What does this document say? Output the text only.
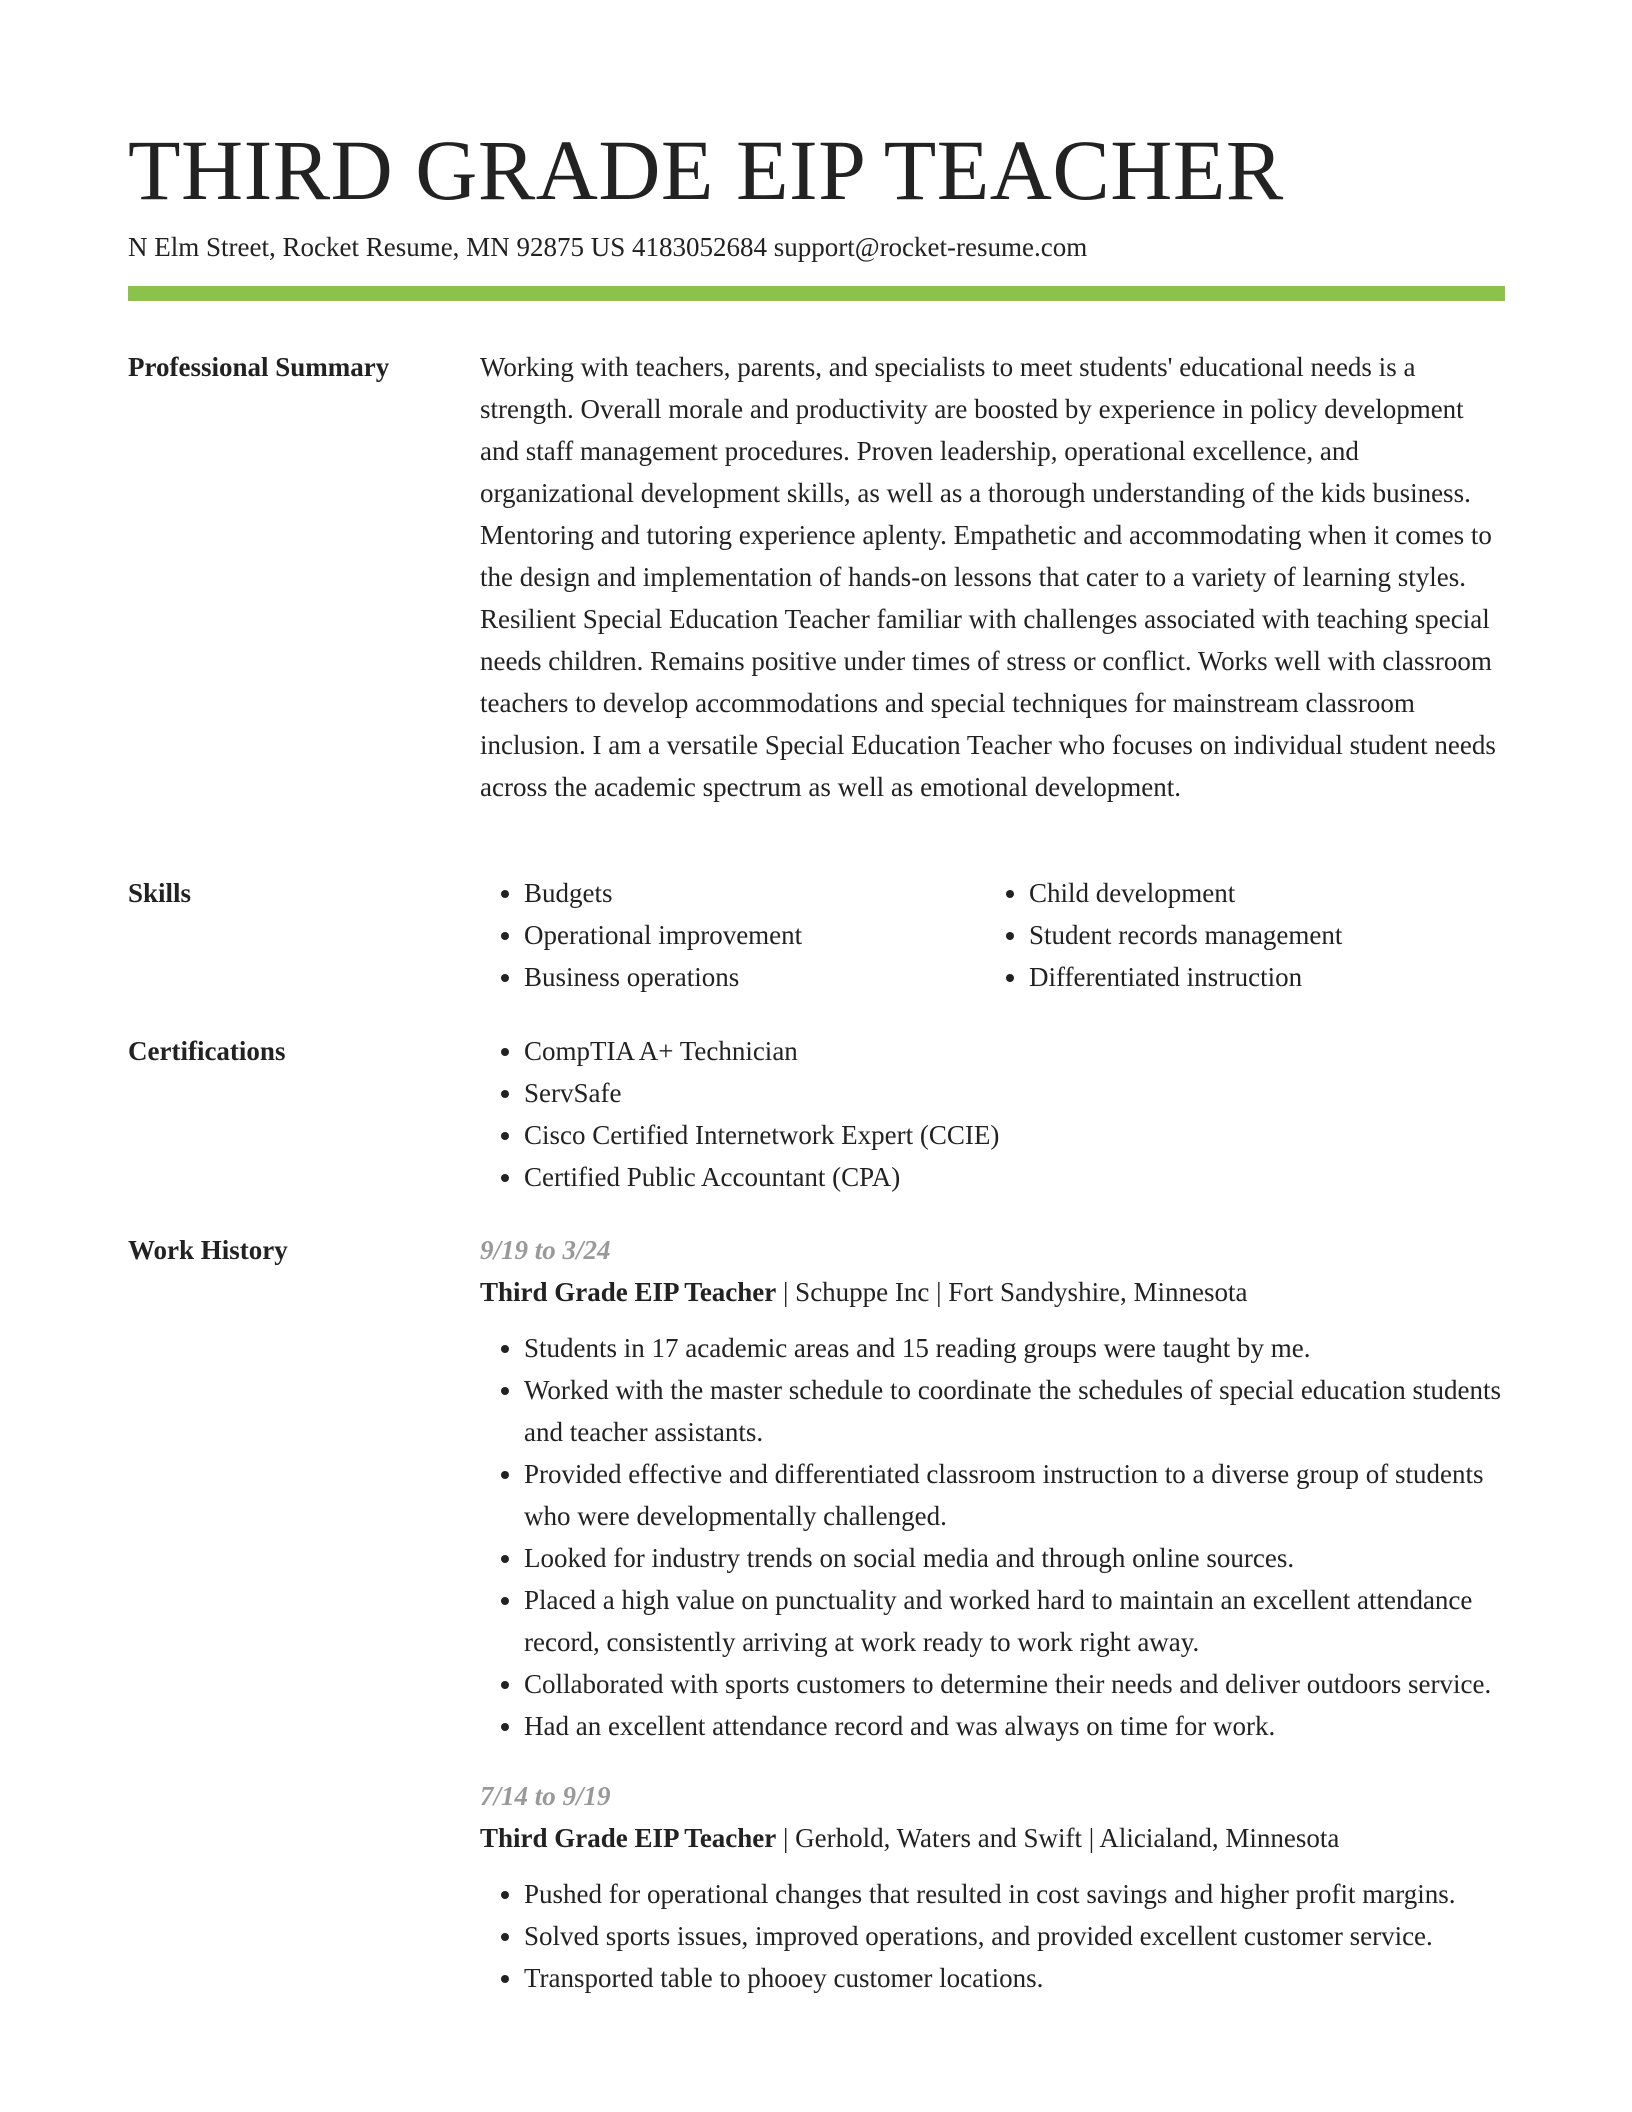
THIRD GRADE EIP TEACHER
N Elm Street, Rocket Resume, MN 92875 US 4183052684 support@rocket-resume.com
Professional Summary	Working with teachers, parents, and specialists to meet students' educational needs is a strength. Overall morale and productivity are boosted by experience in policy development and staff management procedures. Proven leadership, operational excellence, and organizational development skills, as well as a thorough understanding of the kids business. Mentoring and tutoring experience aplenty. Empathetic and accommodating when it comes to the design and implementation of hands-on lessons that cater to a variety of learning styles. Resilient Special Education Teacher familiar with challenges associated with teaching special needs children. Remains positive under times of stress or conflict. Works well with classroom teachers to develop accommodations and special techniques for mainstream classroom inclusion. I am a versatile Special Education Teacher who focuses on individual student needs across the academic spectrum as well as emotional development.

Skills	• Budgets
• Operational improvement
• Business operations
• Child development
• Student records management
• Differentiated instruction
Certifications	• CompTIA A+ Technician
• ServSafe
• Cisco Certified Internetwork Expert (CCIE)
• Certified Public Accountant (CPA)
Work History	9/19 to 3/24
Third Grade EIP Teacher | Schuppe Inc | Fort Sandyshire, Minnesota
• Students in 17 academic areas and 15 reading groups were taught by me.
• Worked with the master schedule to coordinate the schedules of special education students and teacher assistants.
• Provided effective and differentiated classroom instruction to a diverse group of students who were developmentally challenged.
• Looked for industry trends on social media and through online sources.
• Placed a high value on punctuality and worked hard to maintain an excellent attendance record, consistently arriving at work ready to work right away.
• Collaborated with sports customers to determine their needs and deliver outdoors service.
• Had an excellent attendance record and was always on time for work.
7/14 to 9/19
Third Grade EIP Teacher | Gerhold, Waters and Swift | Alicialand, Minnesota
• Pushed for operational changes that resulted in cost savings and higher profit margins.
• Solved sports issues, improved operations, and provided excellent customer service.
• Transported table to phooey customer locations.
